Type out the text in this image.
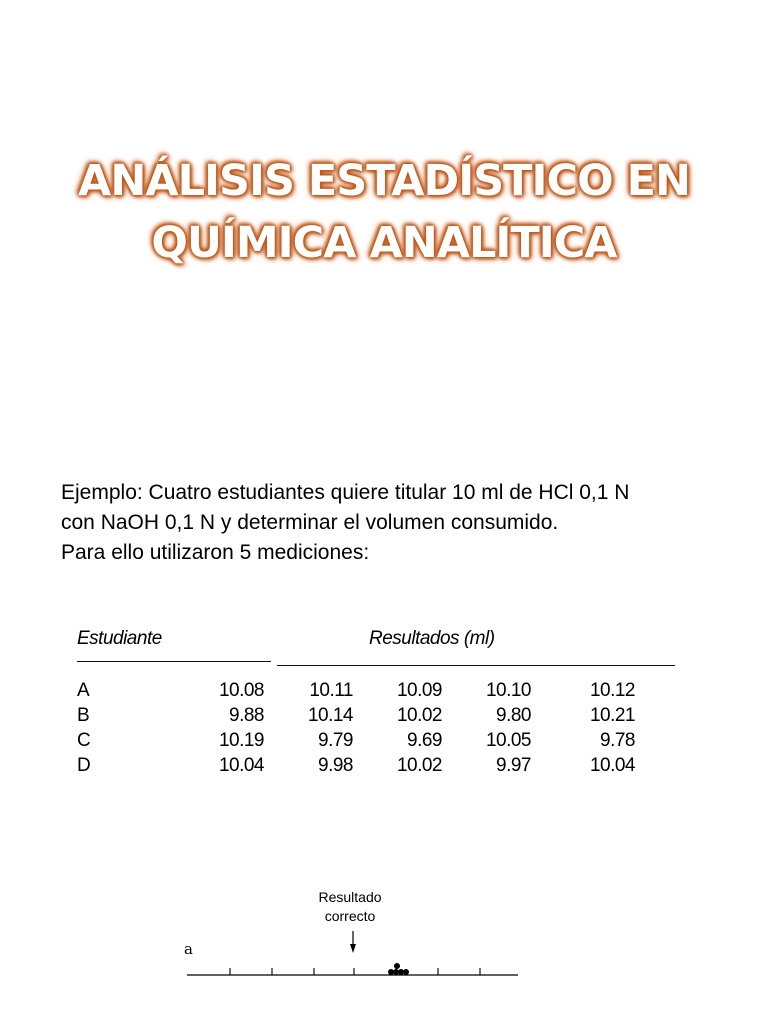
ANÁLISIS ESTADÍSTICO EN
QUÍMICA ANALÍTICA
Ejemplo: Cuatro estudiantes quiere titular 10 ml de HCl 0,1 N
con NaOH 0,1 N y determinar el volumen consumido.
Para ello utilizaron 5 mediciones:
Estudiante	Resultados (ml)
A	10.08	10.11	10.09	10.10	10.12
B	9.88	10.14	10.02	9.80	10.21
C	10.19	9.79	9.69	10.05	9.78
D	10.04	9.98	10.02	9.97	10.04
a
Resultado
correcto
